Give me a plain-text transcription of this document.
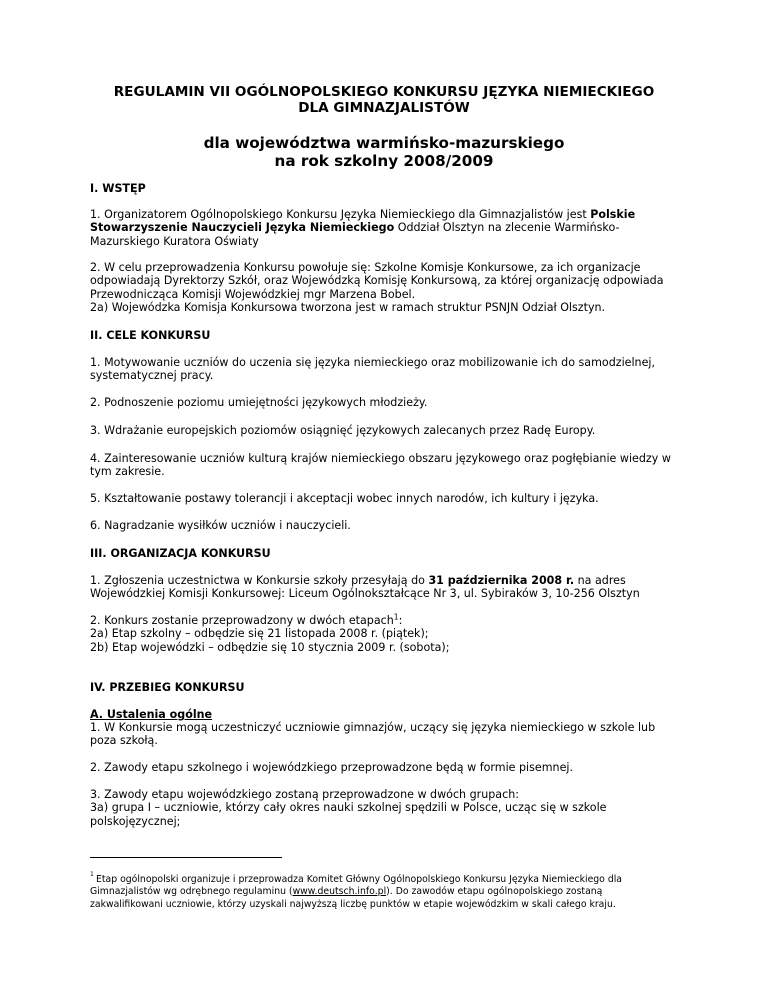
REGULAMIN VII OGÓLNOPOLSKIEGO KONKURSU JĘZYKA NIEMIECKIEGO
DLA GIMNAZJALISTÓW
dla województwa warmińsko-mazurskiego
na rok szkolny 2008/2009

I. WSTĘP

1. Organizatorem Ogólnopolskiego Konkursu Języka Niemieckiego dla Gimnazjalistów jest Polskie Stowarzyszenie Nauczycieli Języka Niemieckiego Oddział Olsztyn na zlecenie Warmińsko-Mazurskiego Kuratora Oświaty

2. W celu przeprowadzenia Konkursu powołuje się: Szkolne Komisje Konkursowe, za ich organizacje odpowiadają Dyrektorzy Szkół, oraz Wojewódzką Komisję Konkursową, za której organizację odpowiada Przewodnicząca Komisji Wojewódzkiej mgr Marzena Bobel.
2a) Wojewódzka Komisja Konkursowa tworzona jest w ramach struktur PSNJN Odział Olsztyn.

II. CELE KONKURSU

1. Motywowanie uczniów do uczenia się języka niemieckiego oraz mobilizowanie ich do samodzielnej, systematycznej pracy.

2. Podnoszenie poziomu umiejętności językowych młodzieży.

3. Wdrażanie europejskich poziomów osiągnięć językowych zalecanych przez Radę Europy.

4. Zainteresowanie uczniów kulturą krajów niemieckiego obszaru językowego oraz pogłębianie wiedzy w tym zakresie.

5. Kształtowanie postawy tolerancji i akceptacji wobec innych narodów, ich kultury i języka.

6. Nagradzanie wysiłków uczniów i nauczycieli.

III. ORGANIZACJA KONKURSU

1. Zgłoszenia uczestnictwa w Konkursie szkoły przesyłają do 31 października 2008 r. na adres Wojewódzkiej Komisji Konkursowej: Liceum Ogólnokształcące Nr 3, ul. Sybiraków 3, 10-256 Olsztyn

2. Konkurs zostanie przeprowadzony w dwóch etapach$^1$:
2a) Etap szkolny – odbędzie się 21 listopada 2008 r. (piątek);
2b) Etap wojewódzki – odbędzie się 10 stycznia 2009 r. (sobota);

IV. PRZEBIEG KONKURSU

A. Ustalenia ogólne

1. W Konkursie mogą uczestniczyć uczniowie gimnazjów, uczący się języka niemieckiego w szkole lub poza szkołą.

2. Zawody etapu szkolnego i wojewódzkiego przeprowadzone będą w formie pisemnej.

3. Zawody etapu wojewódzkiego zostaną przeprowadzone w dwóch grupach:
3a) grupa I – uczniowie, którzy cały okres nauki szkolnej spędzili w Polsce, ucząc się w szkole polskojęzycznej;

1 Etap ogólnopolski organizuje i przeprowadza Komitet Główny Ogólnopolskiego Konkursu Języka Niemieckiego dla Gimnazjalistów wg odrębnego regulaminu (www.deutsch.info.pl). Do zawodów etapu ogólnopolskiego zostaną zakwalifikowani uczniowie, którzy uzyskali najwyższą liczbę punktów w etapie wojewódzkim w skali całego kraju.
